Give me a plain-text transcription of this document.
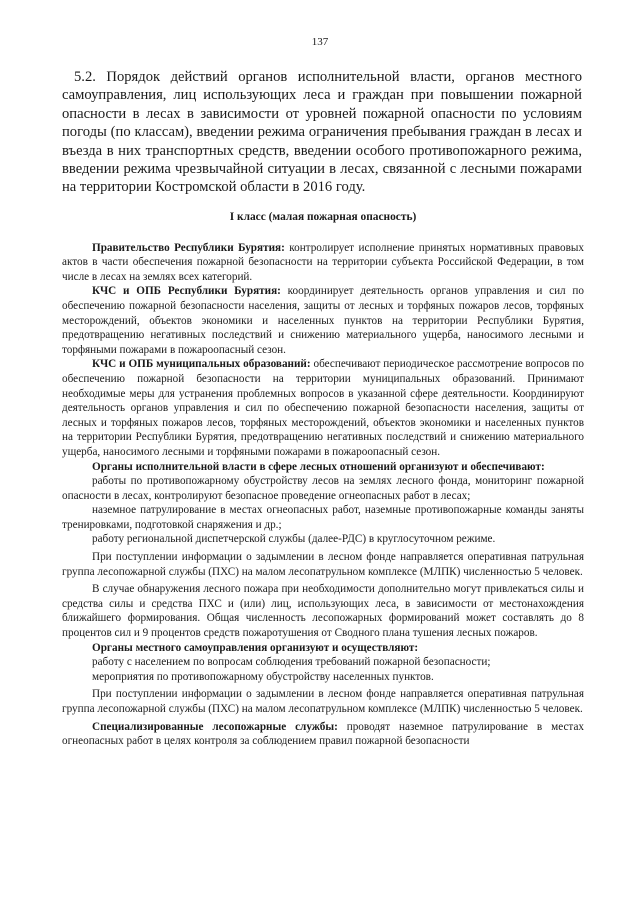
137
5.2. Порядок действий органов исполнительной власти, органов местного самоуправления, лиц использующих леса и граждан при повышении пожарной опасности в лесах в зависимости от уровней пожарной опасности по условиям погоды (по классам), введении режима ограничения пребывания граждан в лесах и въезда в них транспортных средств, введении особого противопожарного режима, введении режима чрезвычайной ситуации в лесах, связанной с лесными пожарами на территории Костромской области в 2016 году.

I класс (малая пожарная опасность)

Правительство Республики Бурятия: контролирует исполнение принятых нормативных правовых актов в части обеспечения пожарной безопасности на территории субъекта Российской Федерации, в том числе в лесах на землях всех категорий.

КЧС и ОПБ Республики Бурятия: координирует деятельность органов управления и сил по обеспечению пожарной безопасности населения, защиты от лесных и торфяных пожаров лесов, торфяных месторождений, объектов экономики и населенных пунктов на территории Республики Бурятия, предотвращению негативных последствий и снижению материального ущерба, наносимого лесными и торфяными пожарами в пожароопасный сезон.

КЧС и ОПБ муниципальных образований: обеспечивают периодическое рассмотрение вопросов по обеспечению пожарной безопасности на территории муниципальных образований. Принимают необходимые меры для устранения проблемных вопросов в указанной сфере деятельности. Координируют деятельность органов управления и сил по обеспечению пожарной безопасности населения, защиты от лесных и торфяных пожаров лесов, торфяных месторождений, объектов экономики и населенных пунктов на территории Республики Бурятия, предотвращению негативных последствий и снижению материального ущерба, наносимого лесными и торфяными пожарами в пожароопасный сезон.

Органы исполнительной власти в сфере лесных отношений организуют и обеспечивают:

работы по противопожарному обустройству лесов на землях лесного фонда, мониторинг пожарной опасности в лесах, контролируют безопасное проведение огнеопасных работ в лесах;

наземное патрулирование в местах огнеопасных работ, наземные противопожарные команды заняты тренировками, подготовкой снаряжения и др.;

работу региональной диспетчерской службы (далее-РДС) в круглосуточном режиме.

При поступлении информации о задымлении в лесном фонде направляется оперативная патрульная группа лесопожарной службы (ПХС) на малом лесопатрульном комплексе (МЛПК) численностью 5 человек.

В случае обнаружения лесного пожара при необходимости дополнительно могут привлекаться силы и средства силы и средства ПХС и (или) лиц, использующих леса, в зависимости от местонахождения ближайшего формирования. Общая численность лесопожарных формирований может составлять до 8 процентов сил и 9 процентов средств пожаротушения от Сводного плана тушения лесных пожаров.

Органы местного самоуправления организуют и осуществляют:

работу с населением по вопросам соблюдения требований пожарной безопасности;

мероприятия по противопожарному обустройству населенных пунктов.

При поступлении информации о задымлении в лесном фонде направляется оперативная патрульная группа лесопожарной службы (ПХС) на малом лесопатрульном комплексе (МЛПК) численностью 5 человек.

Специализированные лесопожарные службы: проводят наземное патрулирование в местах огнеопасных работ в целях контроля за соблюдением правил пожарной безопасности
